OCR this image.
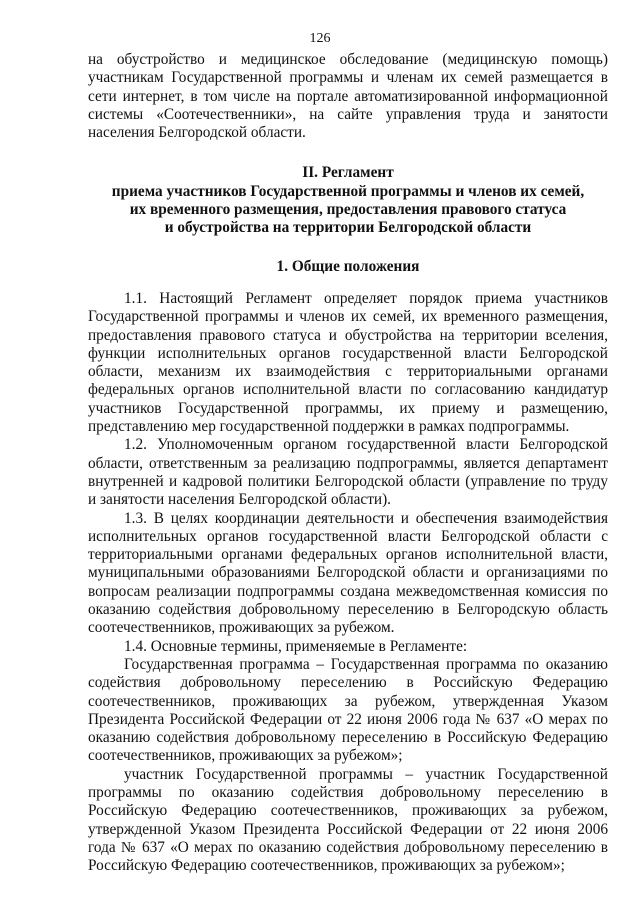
126

на обустройство и медицинское обследование (медицинскую помощь) участникам Государственной программы и членам их семей размещается в сети интернет, в том числе на портале автоматизированной информационной системы «Соотечественники», на сайте управления труда и занятости населения Белгородской области.

II. Регламент
приема участников Государственной программы и членов их семей,
их временного размещения, предоставления правового статуса
и обустройства на территории Белгородской области
1. Общие положения

1.1. Настоящий Регламент определяет порядок приема участников Государственной программы и членов их семей, их временного размещения, предоставления правового статуса и обустройства на территории вселения, функции исполнительных органов государственной власти Белгородской области, механизм их взаимодействия с территориальными органами федеральных органов исполнительной власти по согласованию кандидатур участников Государственной программы, их приему и размещению, представлению мер государственной поддержки в рамках подпрограммы.

1.2. Уполномоченным органом государственной власти Белгородской области, ответственным за реализацию подпрограммы, является департамент внутренней и кадровой политики Белгородской области (управление по труду и занятости населения Белгородской области).

1.3. В целях координации деятельности и обеспечения взаимодействия исполнительных органов государственной власти Белгородской области с территориальными органами федеральных органов исполнительной власти, муниципальными образованиями Белгородской области и организациями по вопросам реализации подпрограммы создана межведомственная комиссия по оказанию содействия добровольному переселению в Белгородскую область соотечественников, проживающих за рубежом.

1.4. Основные термины, применяемые в Регламенте:

Государственная программа – Государственная программа по оказанию содействия добровольному переселению в Российскую Федерацию соотечественников, проживающих за рубежом, утвержденная Указом Президента Российской Федерации от 22 июня 2006 года № 637 «О мерах по оказанию содействия добровольному переселению в Российскую Федерацию соотечественников, проживающих за рубежом»;

участник Государственной программы – участник Государственной программы по оказанию содействия добровольному переселению в Российскую Федерацию соотечественников, проживающих за рубежом, утвержденной Указом Президента Российской Федерации от 22 июня 2006 года № 637 «О мерах по оказанию содействия добровольному переселению в Российскую Федерацию соотечественников, проживающих за рубежом»;
